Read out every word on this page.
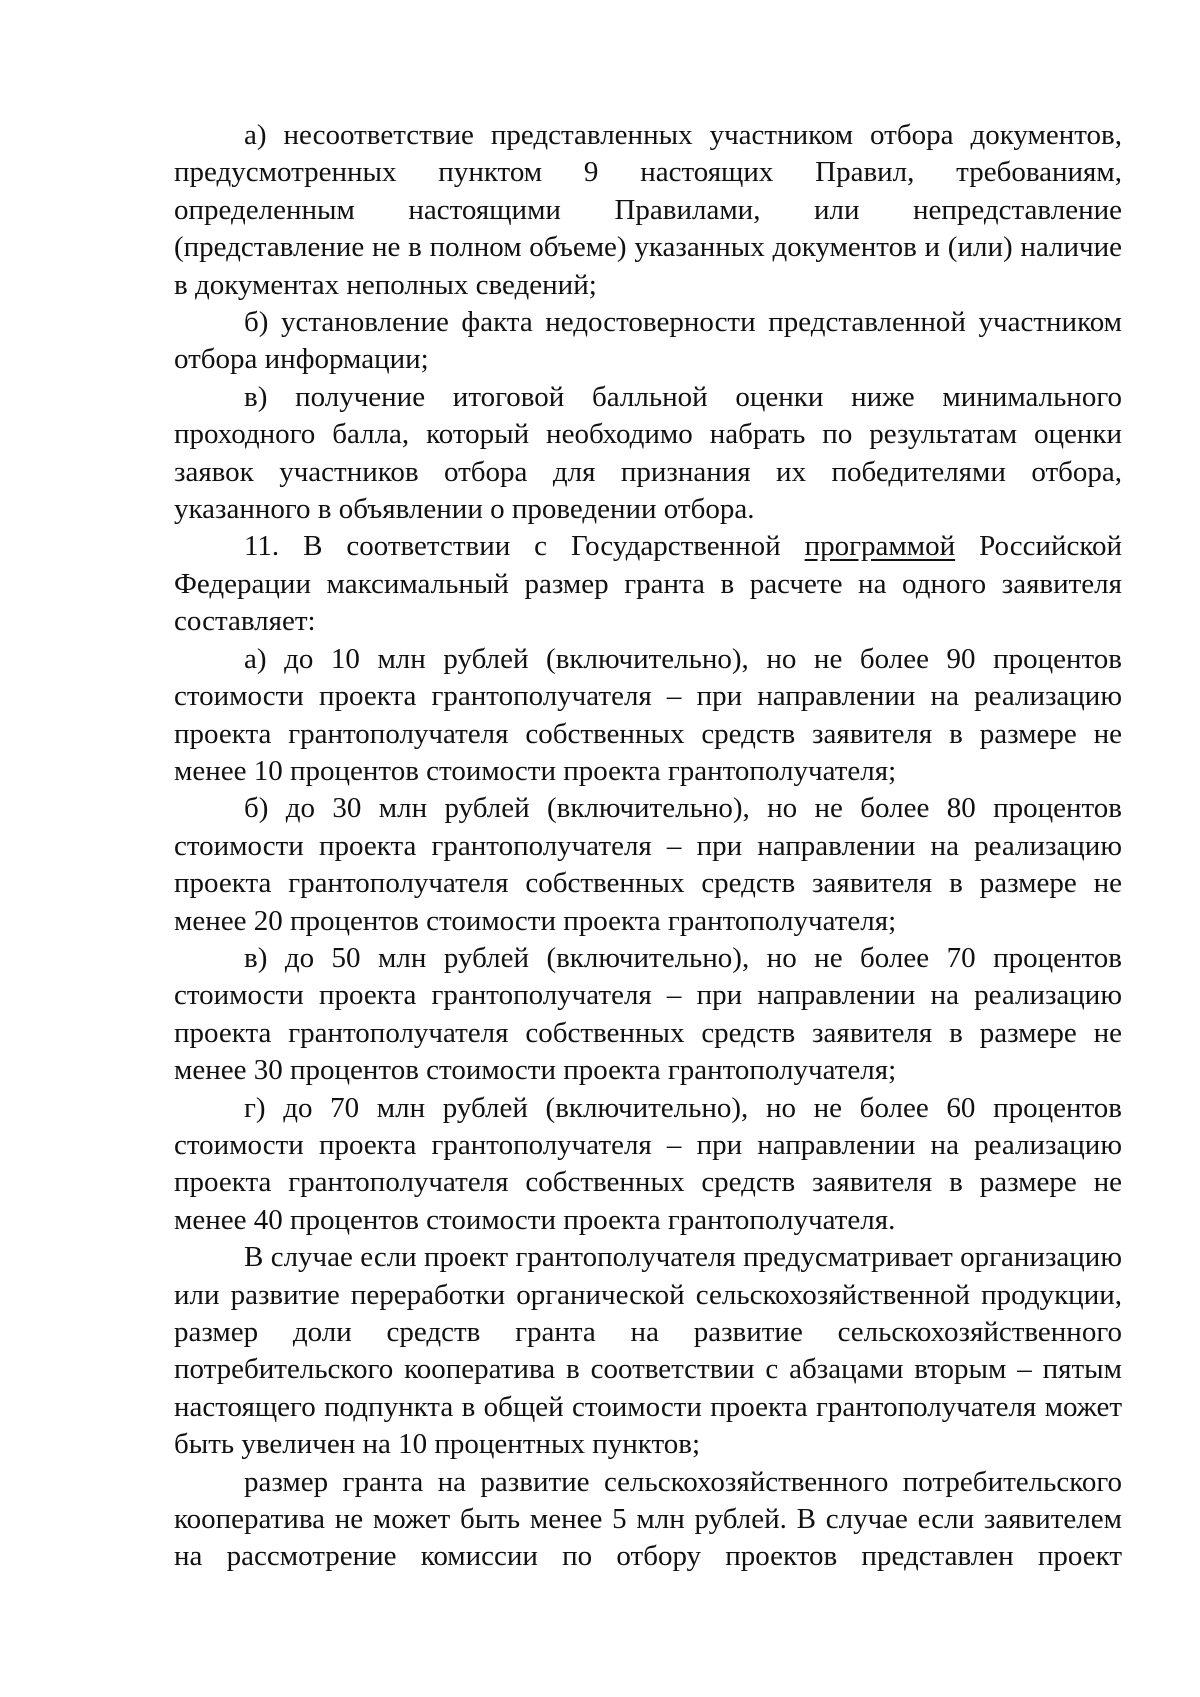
а) несоответствие представленных участником отбора документов, предусмотренных пунктом 9 настоящих Правил, требованиям, определенным настоящими Правилами, или непредставление (представление не в полном объеме) указанных документов и (или) наличие в документах неполных сведений;

б) установление факта недостоверности представленной участником отбора информации;

в) получение итоговой балльной оценки ниже минимального проходного балла, который необходимо набрать по результатам оценки заявок участников отбора для признания их победителями отбора, указанного в объявлении о проведении отбора.

11. В соответствии с Государственной программой Российской Федерации максимальный размер гранта в расчете на одного заявителя составляет:

а) до 10 млн рублей (включительно), но не более 90 процентов стоимости проекта грантополучателя – при направлении на реализацию проекта грантополучателя собственных средств заявителя в размере не менее 10 процентов стоимости проекта грантополучателя;

б) до 30 млн рублей (включительно), но не более 80 процентов стоимости проекта грантополучателя – при направлении на реализацию проекта грантополучателя собственных средств заявителя в размере не менее 20 процентов стоимости проекта грантополучателя;

в) до 50 млн рублей (включительно), но не более 70 процентов стоимости проекта грантополучателя – при направлении на реализацию проекта грантополучателя собственных средств заявителя в размере не менее 30 процентов стоимости проекта грантополучателя;

г) до 70 млн рублей (включительно), но не более 60 процентов стоимости проекта грантополучателя – при направлении на реализацию проекта грантополучателя собственных средств заявителя в размере не менее 40 процентов стоимости проекта грантополучателя.

В случае если проект грантополучателя предусматривает организацию или развитие переработки органической сельскохозяйственной продукции, размер доли средств гранта на развитие сельскохозяйственного потребительского кооператива в соответствии с абзацами вторым – пятым настоящего подпункта в общей стоимости проекта грантополучателя может быть увеличен на 10 процентных пунктов;

размер гранта на развитие сельскохозяйственного потребительского кооператива не может быть менее 5 млн рублей. В случае если заявителем на рассмотрение комиссии по отбору проектов представлен проект
